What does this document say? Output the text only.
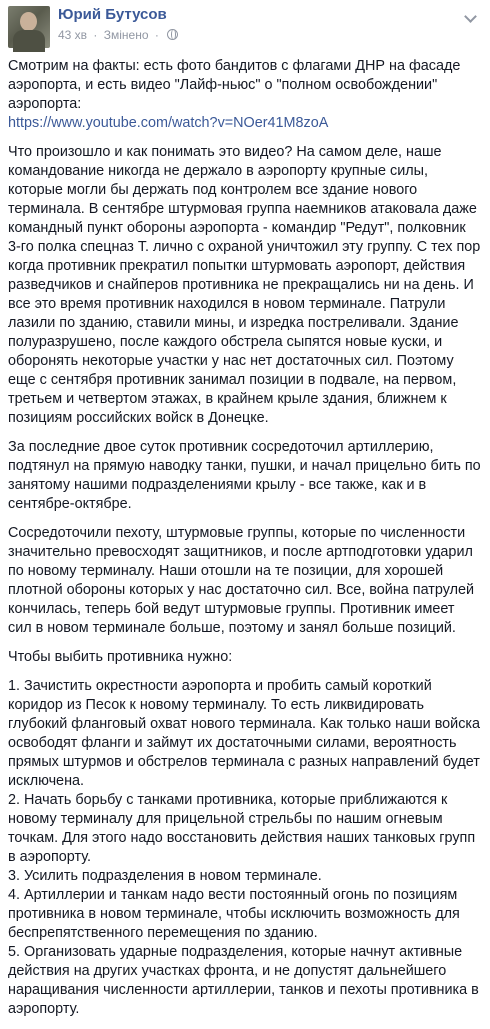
Юрий Бутусов
43 хв · Змінено ·

Смотрим на факты: есть фото бандитов с флагами ДНР на фасаде аэропорта, и есть видео "Лайф-ньюс" о "полном освобождении" аэропорта:
https://www.youtube.com/watch?v=NOer41M8zoA

Что произошло и как понимать это видео? На самом деле, наше командование никогда не держало в аэропорту крупные силы, которые могли бы держать под контролем все здание нового терминала. В сентябре штурмовая группа наемников атаковала даже командный пункт обороны аэропорта - командир "Редут", полковник 3-го полка спецназ Т. лично с охраной уничтожил эту группу. С тех пор когда противник прекратил попытки штурмовать аэропорт, действия разведчиков и снайперов противника не прекращались ни на день. И все это время противник находился в новом терминале. Патрули лазили по зданию, ставили мины, и изредка постреливали. Здание полуразрушено, после каждого обстрела сыпятся новые куски, и оборонять некоторые участки у нас нет достаточных сил. Поэтому еще с сентября противник занимал позиции в подвале, на первом, третьем и четвертом этажах, в крайнем крыле здания, ближнем к позициям российских войск в Донецке.

За последние двое суток противник сосредоточил артиллерию, подтянул на прямую наводку танки, пушки, и начал прицельно бить по занятому нашими подразделениями крылу - все также, как и в сентябре-октябре.

Сосредоточили пехоту, штурмовые группы, которые по численности значительно превосходят защитников, и после артподготовки ударил по новому терминалу. Наши отошли на те позиции, для хорошей плотной обороны которых у нас достаточно сил. Все, война патрулей кончилась, теперь бой ведут штурмовые группы. Противник имеет сил в новом терминале больше, поэтому и занял больше позиций.

Чтобы выбить противника нужно:

1. Зачистить окрестности аэропорта и пробить самый короткий коридор из Песок к новому терминалу. То есть ликвидировать глубокий фланговый охват нового терминала. Как только наши войска освободят фланги и займут их достаточными силами, вероятность прямых штурмов и обстрелов терминала с разных направлений будет исключена.
2. Начать борьбу с танками противника, которые приближаются к новому терминалу для прицельной стрельбы по нашим огневым точкам. Для этого надо восстановить действия наших танковых групп в аэропорту.
3. Усилить подразделения в новом терминале.
4. Артиллерии и танкам надо вести постоянный огонь по позициям противника в новом терминале, чтобы исключить возможность для беспрепятственного перемещения по зданию.
5. Организовать ударные подразделения, которые начнут активные действия на других участках фронта, и не допустят дальнейшего наращивания численности артиллерии, танков и пехоты противника в аэропорту.
